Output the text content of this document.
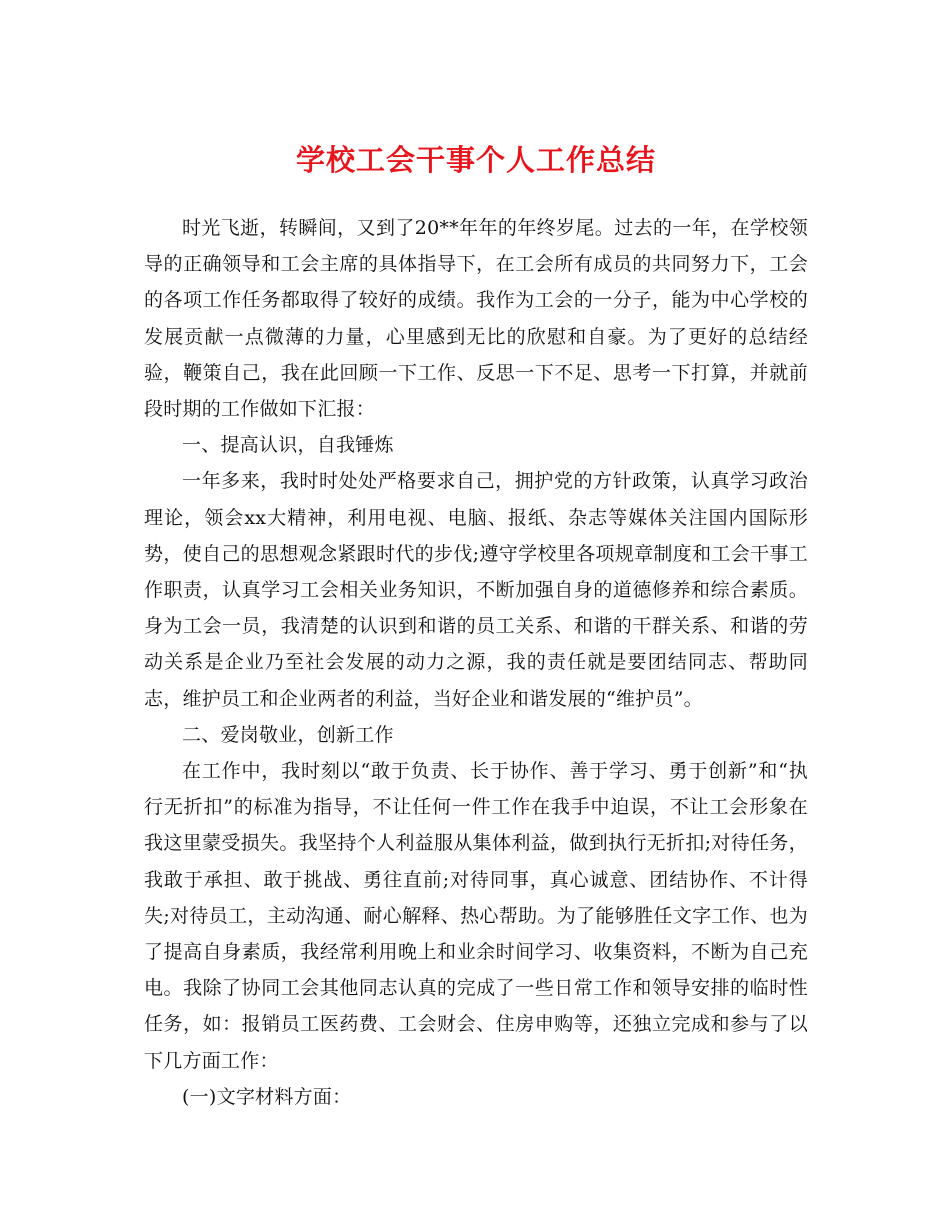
学校工会干事个人工作总结

时光飞逝，转瞬间，又到了20**年年的年终岁尾。过去的一年，在学校领导的正确领导和工会主席的具体指导下，在工会所有成员的共同努力下，工会的各项工作任务都取得了较好的成绩。我作为工会的一分子，能为中心学校的发展贡献一点微薄的力量，心里感到无比的欣慰和自豪。为了更好的总结经验，鞭策自己，我在此回顾一下工作、反思一下不足、思考一下打算，并就前段时期的工作做如下汇报：

一、提高认识，自我锤炼

一年多来，我时时处处严格要求自己，拥护党的方针政策，认真学习政治理论，领会xx大精神，利用电视、电脑、报纸、杂志等媒体关注国内国际形势，使自己的思想观念紧跟时代的步伐;遵守学校里各项规章制度和工会干事工作职责，认真学习工会相关业务知识，不断加强自身的道德修养和综合素质。身为工会一员，我清楚的认识到和谐的员工关系、和谐的干群关系、和谐的劳动关系是企业乃至社会发展的动力之源，我的责任就是要团结同志、帮助同志，维护员工和企业两者的利益，当好企业和谐发展的“维护员”。

二、爱岗敬业，创新工作

在工作中，我时刻以“敢于负责、长于协作、善于学习、勇于创新”和“执行无折扣”的标准为指导，不让任何一件工作在我手中迫误，不让工会形象在我这里蒙受损失。我坚持个人利益服从集体利益，做到执行无折扣;对待任务，我敢于承担、敢于挑战、勇往直前;对待同事，真心诚意、团结协作、不计得失;对待员工，主动沟通、耐心解释、热心帮助。为了能够胜任文字工作、也为了提高自身素质，我经常利用晚上和业余时间学习、收集资料，不断为自己充电。我除了协同工会其他同志认真的完成了一些日常工作和领导安排的临时性任务，如：报销员工医药费、工会财会、住房申购等，还独立完成和参与了以下几方面工作：

(一)文字材料方面：
